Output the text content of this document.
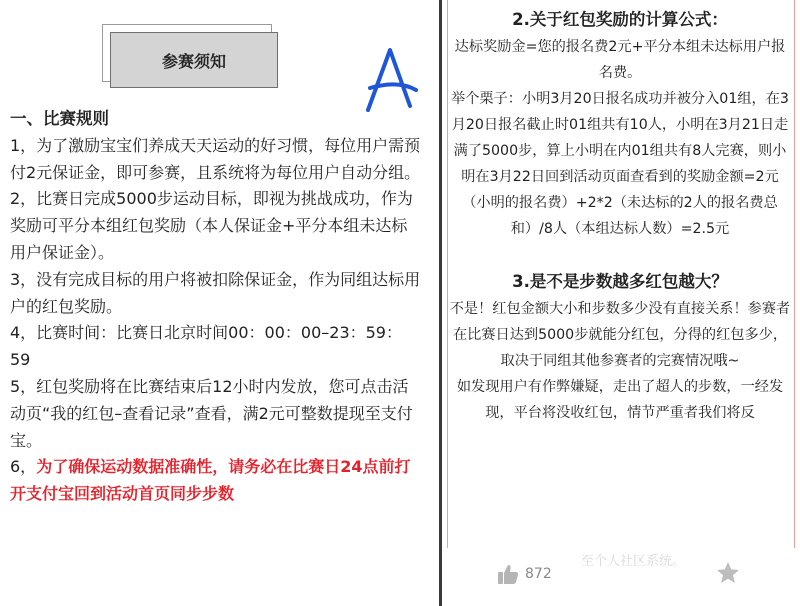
参赛须知

一、比赛规则

1，为了激励宝宝们养成天天运动的好习惯，每位用户需预付2元保证金，即可参赛，且系统将为每位用户自动分组。

2，比赛日完成5000步运动目标，即视为挑战成功，作为奖励可平分本组红包奖励（本人保证金+平分本组未达标用户保证金）。

3，没有完成目标的用户将被扣除保证金，作为同组达标用户的红包奖励。

4，比赛时间：比赛日北京时间00：00：00–23：59：59

5，红包奖励将在比赛结束后12小时内发放，您可点击活动页“我的红包–查看记录”查看，满2元可整数提现至支付宝。

6，为了确保运动数据准确性，请务必在比赛日24点前打开支付宝回到活动首页同步步数

2.关于红包奖励的计算公式：

达标奖励金=您的报名费2元+平分本组未达标用户报名费。

举个栗子：小明3月20日报名成功并被分入01组，在3月20日报名截止时01组共有10人，小明在3月21日走满了5000步，算上小明在内01组共有8人完赛，则小明在3月22日回到活动页面查看到的奖励金额=2元（小明的报名费）+2*2（未达标的2人的报名费总和）/8人（本组达标人数）=2.5元

3.是不是步数越多红包越大？

不是！红包金额大小和步数多少没有直接关系！参赛者在比赛日达到5000步就能分红包，分得的红包多少，取决于同组其他参赛者的完赛情况哦~

如发现用户有作弊嫌疑，走出了超人的步数，一经发现，平台将没收红包，情节严重者我们将反

至个人社区系统。
872
